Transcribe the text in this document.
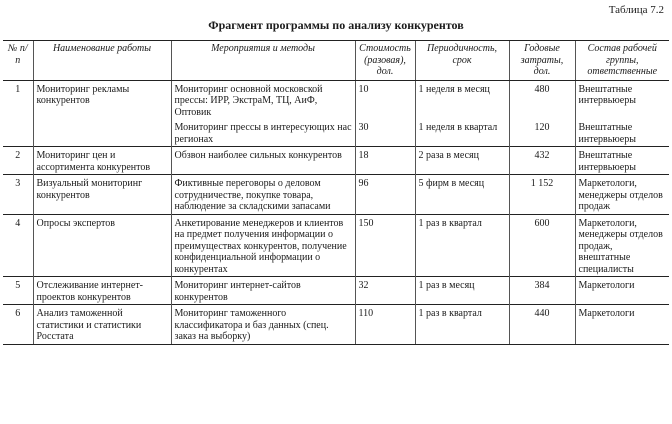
Таблица 7.2
Фрагмент программы по анализу конкурентов
№ п/п	Наименование работы	Мероприятия и методы	Стоимость (разовая), дол.	Периодичность, срок	Годовые затраты, дол.	Состав рабочей группы, ответственные
1	Мониторинг рекламы конкурентов	Мониторинг основной московской прессы: ИРР, ЭкстраМ, ТЦ, АиФ, Оптовик	10	1 неделя в месяц	480	Внештатные интервьюеры
		Мониторинг прессы в интересующих нас регионах	30	1 неделя в квартал	120	Внештатные интервьюеры
2	Мониторинг цен и ассортимента конкурентов	Обзвон наиболее сильных конкурентов	18	2 раза в месяц	432	Внештатные интервьюеры
3	Визуальный мониторинг конкурентов	Фиктивные переговоры о деловом сотрудничестве, покупке товара, наблюдение за складскими запасами	96	5 фирм в месяц	1 152	Маркетологи, менеджеры отделов продаж
4	Опросы экспертов	Анкетирование менеджеров и клиентов на предмет получения информации о преимуществах конкурентов, получение конфиденциальной информации о конкурентах	150	1 раз в квартал	600	Маркетологи, менеджеры отделов продаж, внештатные специалисты
5	Отслеживание интернет-проектов конкурентов	Мониторинг интернет-сайтов конкурентов	32	1 раз в месяц	384	Маркетологи
6	Анализ таможенной статистики и статистики Росстата	Мониторинг таможенного классификатора и баз данных (спец. заказ на выборку)	110	1 раз в квартал	440	Маркетологи
